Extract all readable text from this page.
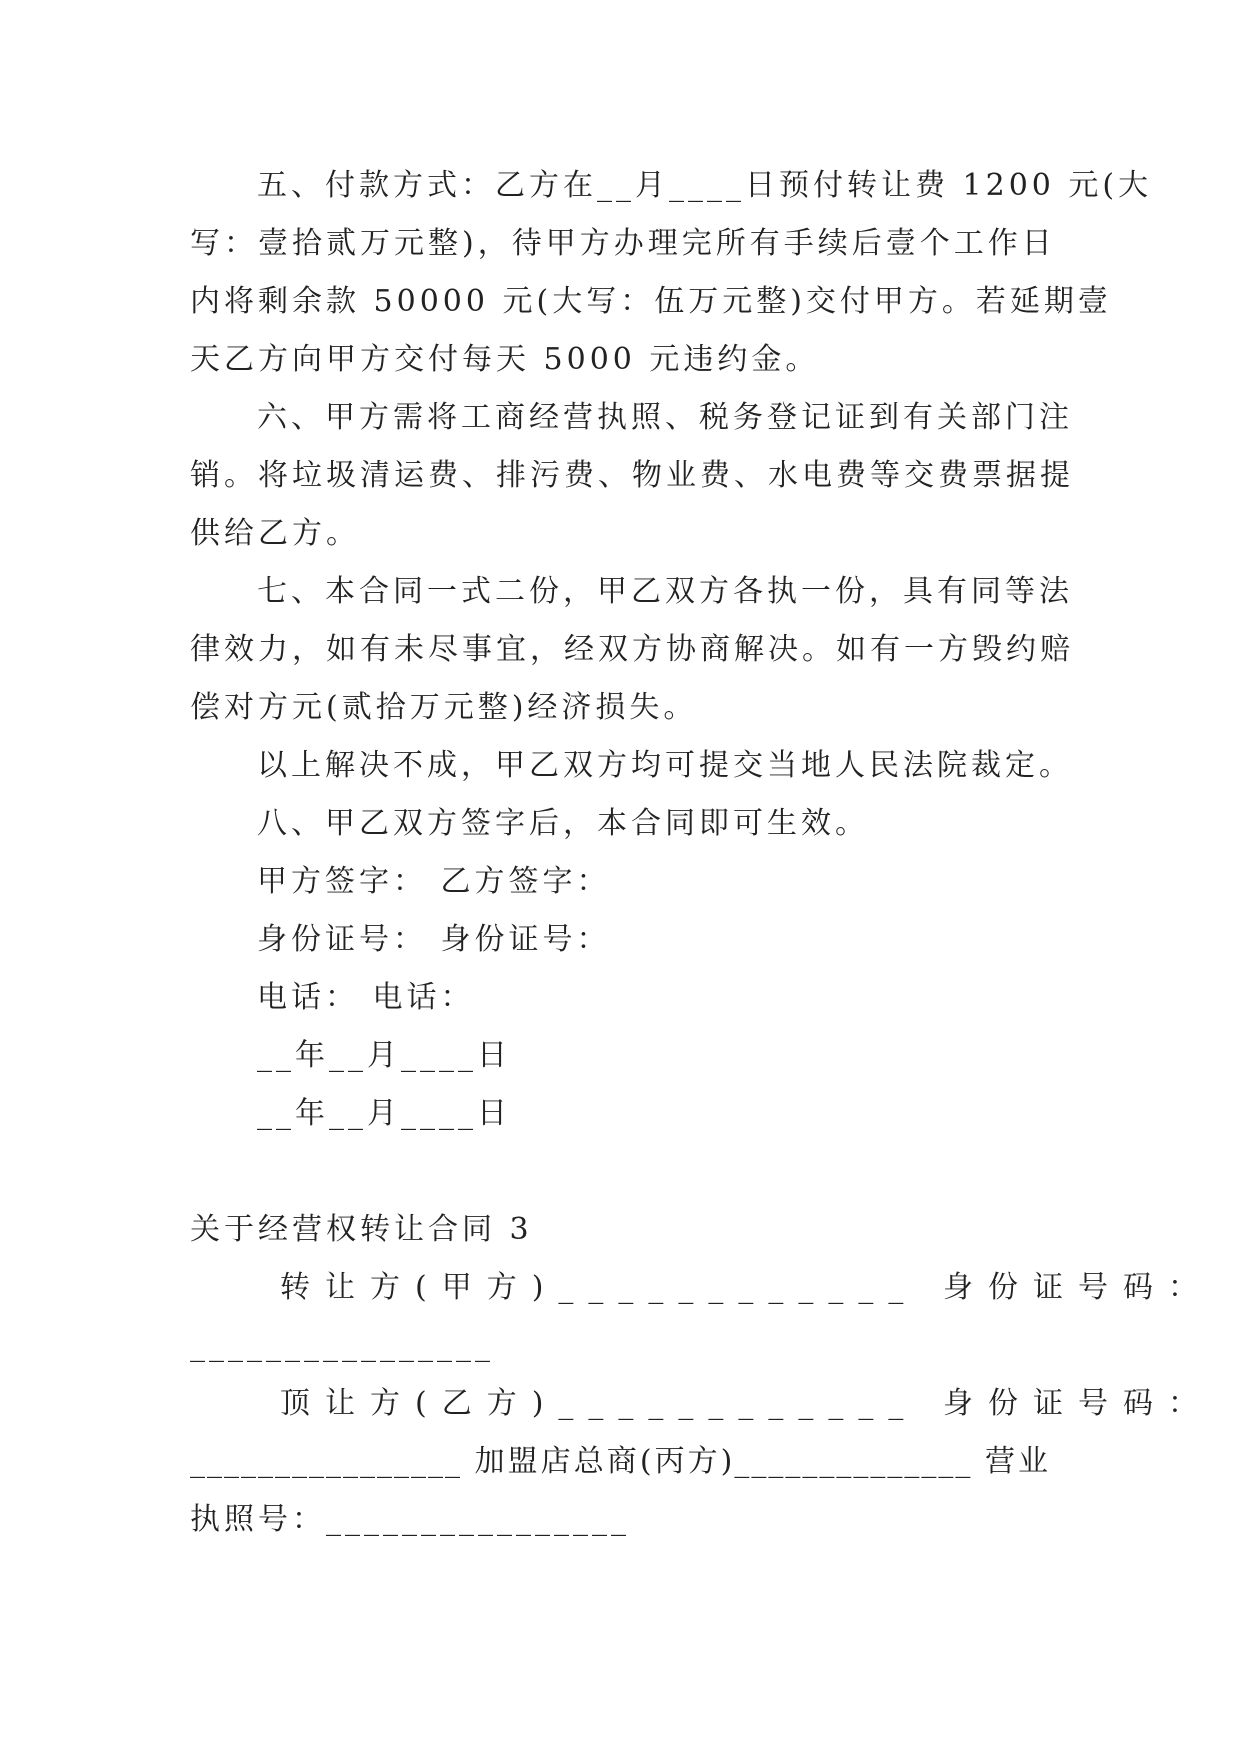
五、付款方式：乙方在__月____日预付转让费 1200 元(大
写：壹拾贰万元整)，待甲方办理完所有手续后壹个工作日
内将剩余款 50000 元(大写：伍万元整)交付甲方。若延期壹
天乙方向甲方交付每天 5000 元违约金。
六、甲方需将工商经营执照、税务登记证到有关部门注
销。将垃圾清运费、排污费、物业费、水电费等交费票据提
供给乙方。
七、本合同一式二份，甲乙双方各执一份，具有同等法
律效力，如有未尽事宜，经双方协商解决。如有一方毁约赔
偿对方元(贰拾万元整)经济损失。
以上解决不成，甲乙双方均可提交当地人民法院裁定。
八、甲乙双方签字后，本合同即可生效。
甲方签字： 乙方签字：
身份证号： 身份证号：
电话： 电话：
__年__月____日
__年__月____日
关于经营权转让合同 3
转让方(甲方)____________ 身份证号码：
________________
顶让方(乙方)____________ 身份证号码：
________________ 加盟店总商(丙方)______________ 营业
执照号：________________
